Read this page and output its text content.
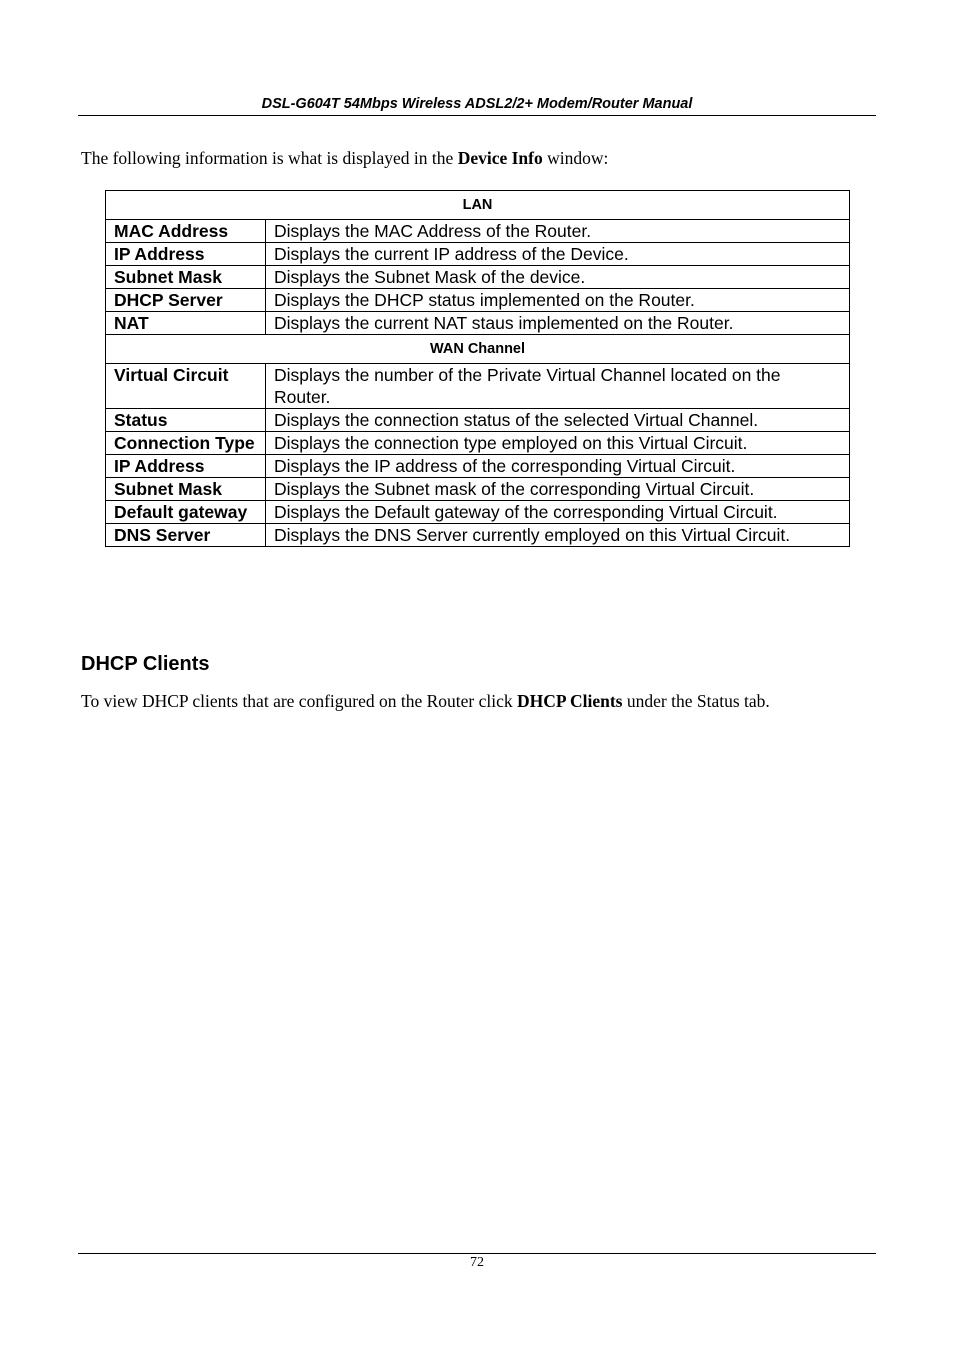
DSL-G604T 54Mbps Wireless ADSL2/2+ Modem/Router Manual
The following information is what is displayed in the Device Info window:
LAN	
MAC Address	Displays the MAC Address of the Router.
IP Address	Displays the current IP address of the Device.
Subnet Mask	Displays the Subnet Mask of the device.
DHCP Server	Displays the DHCP status implemented on the Router.
NAT	Displays the current NAT staus implemented on the Router.
WAN Channel	
Virtual Circuit	Displays the number of the Private Virtual Channel located on the Router.
Status	Displays the connection status of the selected Virtual Channel.
Connection Type	Displays the connection type employed on this Virtual Circuit.
IP Address	Displays the IP address of the corresponding Virtual Circuit.
Subnet Mask	Displays the Subnet mask of the corresponding Virtual Circuit.
Default gateway	Displays the Default gateway of the corresponding Virtual Circuit.
DNS Server	Displays the DNS Server currently employed on this Virtual Circuit.
DHCP Clients
To view DHCP clients that are configured on the Router click DHCP Clients under the Status tab.
72
